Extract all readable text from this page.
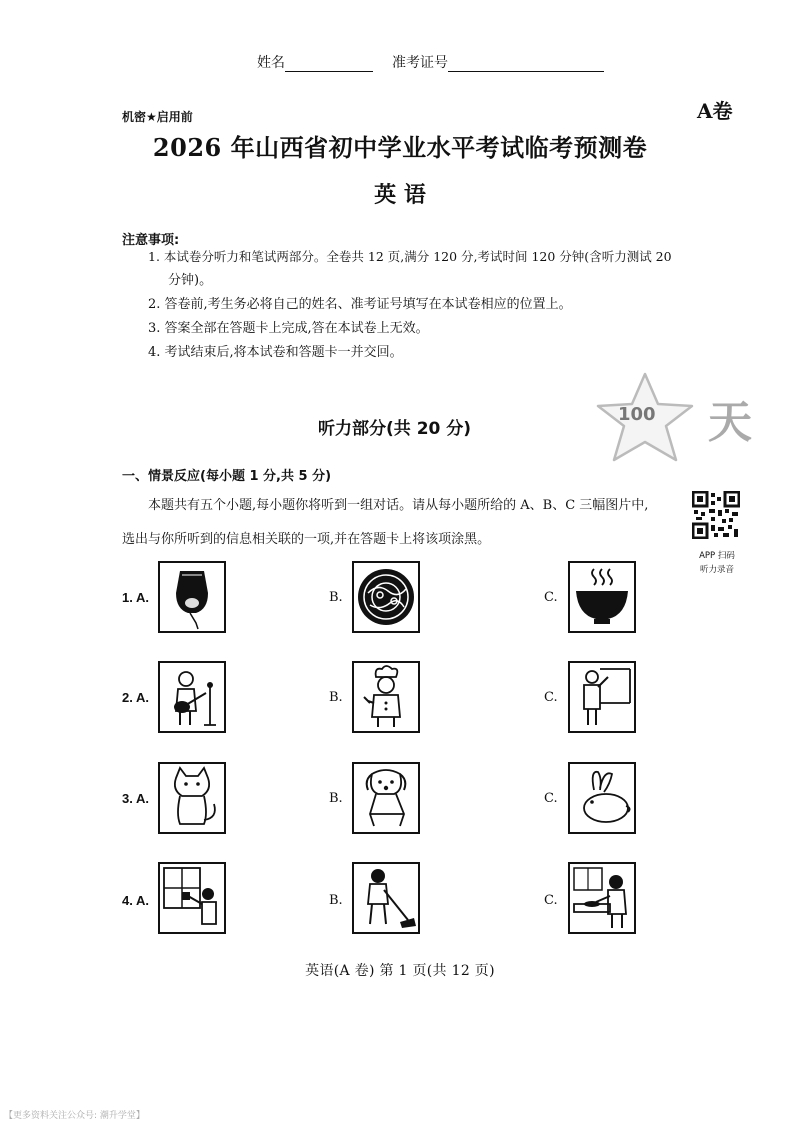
姓名	准考证号
机密★启用前	A卷
2026 年山西省初中学业水平考试临考预测卷
英 语
注意事项:
1. 本试卷分听力和笔试两部分。全卷共 12 页,满分 120 分,考试时间 120 分钟(含听力测试 20
分钟)。
2. 答卷前,考生务必将自己的姓名、准考证号填写在本试卷相应的位置上。
3. 答案全部在答题卡上完成,答在本试卷上无效。
4. 考试结束后,将本试卷和答题卡一并交回。
听力部分(共 20 分)
100 天
一、情景反应(每小题 1 分,共 5 分)
本题共有五个小题,每小题你将听到一组对话。请从每小题所给的 A、B、C 三幅图片中,
选出与你所听到的信息相关联的一项,并在答题卡上将该项涂黑。
APP 扫码
听力录音
1. A.	B.	C.
2. A.	B.	C.
3. A.	B.	C.
4. A.	B.	C.
英语(A 卷) 第 1 页(共 12 页)
【更多资料关注公众号: 潮升学堂】
